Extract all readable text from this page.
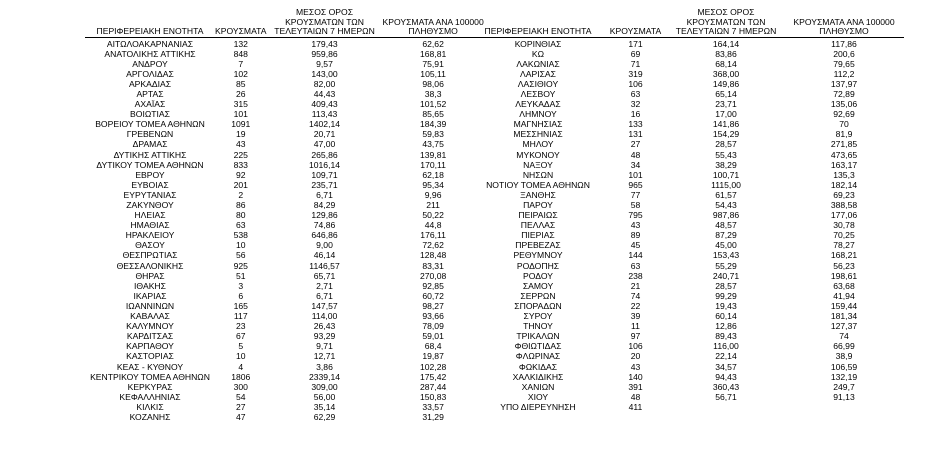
ΠΕΡΙΦΕΡΕΙΑΚΗ ΕΝΟΤΗΤΑ	ΚΡΟΥΣΜΑΤΑ	ΜΕΣΟΣ ΟΡΟΣ
ΚΡΟΥΣΜΑΤΩΝ ΤΩΝ
ΤΕΛΕΥΤΑΙΩΝ 7 ΗΜΕΡΩΝ	ΚΡΟΥΣΜΑΤΑ ΑΝΑ 100000
ΠΛΗΘΥΣΜΟ
ΑΙΤΩΛΟΑΚΑΡΝΑΝΙΑΣ	132	179,43	62,62
ΑΝΑΤΟΛΙΚΗΣ ΑΤΤΙΚΗΣ	848	959,86	168,81
ΑΝΔΡΟΥ	7	9,57	75,91
ΑΡΓΟΛΙΔΑΣ	102	143,00	105,11
ΑΡΚΑΔΙΑΣ	85	82,00	98,06
ΑΡΤΑΣ	26	44,43	38,3
ΑΧΑΪΑΣ	315	409,43	101,52
ΒΟΙΩΤΙΑΣ	101	113,43	85,65
ΒΟΡΕΙΟΥ ΤΟΜΕΑ ΑΘΗΝΩΝ	1091	1402,14	184,39
ΓΡΕΒΕΝΩΝ	19	20,71	59,83
ΔΡΑΜΑΣ	43	47,00	43,75
ΔΥΤΙΚΗΣ ΑΤΤΙΚΗΣ	225	265,86	139,81
ΔΥΤΙΚΟΥ ΤΟΜΕΑ ΑΘΗΝΩΝ	833	1016,14	170,11
ΕΒΡΟΥ	92	109,71	62,18
ΕΥΒΟΙΑΣ	201	235,71	95,34
ΕΥΡΥΤΑΝΙΑΣ	2	6,71	9,96
ΖΑΚΥΝΘΟΥ	86	84,29	211
ΗΛΕΙΑΣ	80	129,86	50,22
ΗΜΑΘΙΑΣ	63	74,86	44,8
ΗΡΑΚΛΕΙΟΥ	538	646,86	176,11
ΘΑΣΟΥ	10	9,00	72,62
ΘΕΣΠΡΩΤΙΑΣ	56	46,14	128,48
ΘΕΣΣΑΛΟΝΙΚΗΣ	925	1146,57	83,31
ΘΗΡΑΣ	51	65,71	270,08
ΙΘΑΚΗΣ	3	2,71	92,85
ΙΚΑΡΙΑΣ	6	6,71	60,72
ΙΩΑΝΝΙΝΩΝ	165	147,57	98,27
ΚΑΒΑΛΑΣ	117	114,00	93,66
ΚΑΛΥΜΝΟΥ	23	26,43	78,09
ΚΑΡΔΙΤΣΑΣ	67	93,29	59,01
ΚΑΡΠΑΘΟΥ	5	9,71	68,4
ΚΑΣΤΟΡΙΑΣ	10	12,71	19,87
ΚΕΑΣ - ΚΥΘΝΟΥ	4	3,86	102,28
ΚΕΝΤΡΙΚΟΥ ΤΟΜΕΑ ΑΘΗΝΩΝ	1806	2339,14	175,42
ΚΕΡΚΥΡΑΣ	300	309,00	287,44
ΚΕΦΑΛΛΗΝΙΑΣ	54	56,00	150,83
ΚΙΛΚΙΣ	27	35,14	33,57
ΚΟΖΑΝΗΣ	47	62,29	31,29
ΠΕΡΙΦΕΡΕΙΑΚΗ ΕΝΟΤΗΤΑ	ΚΡΟΥΣΜΑΤΑ	ΜΕΣΟΣ ΟΡΟΣ
ΚΡΟΥΣΜΑΤΩΝ ΤΩΝ
ΤΕΛΕΥΤΑΙΩΝ 7 ΗΜΕΡΩΝ	ΚΡΟΥΣΜΑΤΑ ΑΝΑ 100000
ΠΛΗΘΥΣΜΟ
ΚΟΡΙΝΘΙΑΣ	171	164,14	117,86
ΚΩ	69	83,86	200,6
ΛΑΚΩΝΙΑΣ	71	68,14	79,65
ΛΑΡΙΣΑΣ	319	368,00	112,2
ΛΑΣΙΘΙΟΥ	106	149,86	137,97
ΛΕΣΒΟΥ	63	65,14	72,89
ΛΕΥΚΑΔΑΣ	32	23,71	135,06
ΛΗΜΝΟΥ	16	17,00	92,69
ΜΑΓΝΗΣΙΑΣ	133	141,86	70
ΜΕΣΣΗΝΙΑΣ	131	154,29	81,9
ΜΗΛΟΥ	27	28,57	271,85
ΜΥΚΟΝΟΥ	48	55,43	473,65
ΝΑΞΟΥ	34	38,29	163,17
ΝΗΣΩΝ	101	100,71	135,3
ΝΟΤΙΟΥ ΤΟΜΕΑ ΑΘΗΝΩΝ	965	1115,00	182,14
ΞΑΝΘΗΣ	77	61,57	69,23
ΠΑΡΟΥ	58	54,43	388,58
ΠΕΙΡΑΙΩΣ	795	987,86	177,06
ΠΕΛΛΑΣ	43	48,57	30,78
ΠΙΕΡΙΑΣ	89	87,29	70,25
ΠΡΕΒΕΖΑΣ	45	45,00	78,27
ΡΕΘΥΜΝΟΥ	144	153,43	168,21
ΡΟΔΟΠΗΣ	63	55,29	56,23
ΡΟΔΟΥ	238	240,71	198,61
ΣΑΜΟΥ	21	28,57	63,68
ΣΕΡΡΩΝ	74	99,29	41,94
ΣΠΟΡΑΔΩΝ	22	19,43	159,44
ΣΥΡΟΥ	39	60,14	181,34
ΤΗΝΟΥ	11	12,86	127,37
ΤΡΙΚΑΛΩΝ	97	89,43	74
ΦΘΙΩΤΙΔΑΣ	106	116,00	66,99
ΦΛΩΡΙΝΑΣ	20	22,14	38,9
ΦΩΚΙΔΑΣ	43	34,57	106,59
ΧΑΛΚΙΔΙΚΗΣ	140	94,43	132,19
ΧΑΝΙΩΝ	391	360,43	249,7
ΧΙΟΥ	48	56,71	91,13
ΥΠΟ ΔΙΕΡΕΥΝΗΣΗ	411		
